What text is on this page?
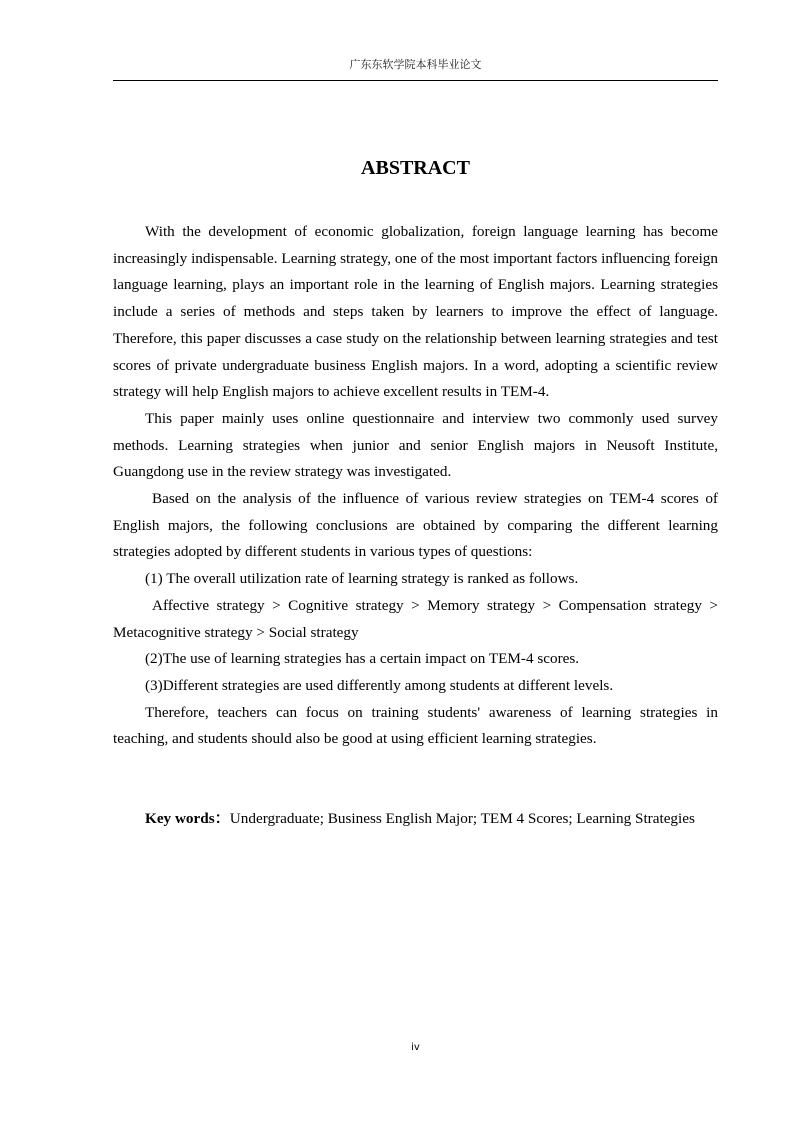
广东东软学院本科毕业论文
ABSTRACT

With the development of economic globalization, foreign language learning has become increasingly indispensable. Learning strategy, one of the most important factors influencing foreign language learning, plays an important role in the learning of English majors. Learning strategies include a series of methods and steps taken by learners to improve the effect of language. Therefore, this paper discusses a case study on the relationship between learning strategies and test scores of private undergraduate business English majors. In a word, adopting a scientific review strategy will help English majors to achieve excellent results in TEM-4.

This paper mainly uses online questionnaire and interview two commonly used survey methods. Learning strategies when junior and senior English majors in Neusoft Institute, Guangdong use in the review strategy was investigated.

Based on the analysis of the influence of various review strategies on TEM-4 scores of English majors, the following conclusions are obtained by comparing the different learning strategies adopted by different students in various types of questions:

(1) The overall utilization rate of learning strategy is ranked as follows.

Affective strategy > Cognitive strategy > Memory strategy > Compensation strategy > Metacognitive strategy > Social strategy

(2)The use of learning strategies has a certain impact on TEM-4 scores.

(3)Different strategies are used differently among students at different levels.

Therefore, teachers can focus on training students' awareness of learning strategies in teaching, and students should also be good at using efficient learning strategies.

Key words：Undergraduate; Business English Major; TEM 4 Scores; Learning Strategies

iv
